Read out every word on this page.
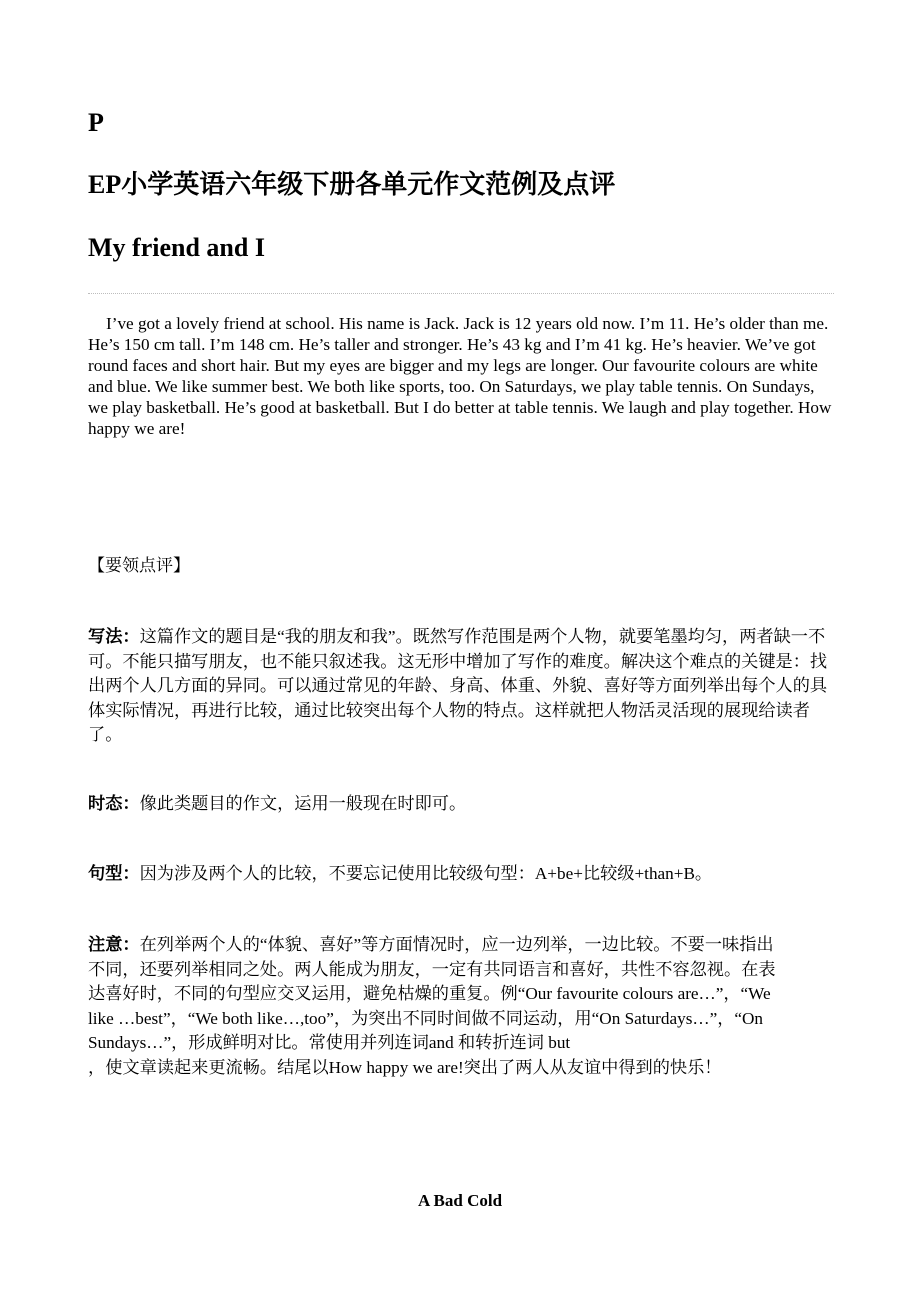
P
EP小学英语六年级下册各单元作文范例及点评
My friend and I

I’ve got a lovely friend at school. His name is Jack. Jack is 12 years old now. I’m 11. He’s older than me. He’s 150 cm tall. I’m 148 cm. He’s taller and stronger. He’s 43 kg and I’m 41 kg. He’s heavier. We’ve got round faces and short hair. But my eyes are bigger and my legs are longer. Our favourite colours are white and blue. We like summer best. We both like sports, too. On Saturdays, we play table tennis. On Sundays, we play basketball. He’s good at basketball. But I do better at table tennis. We laugh and play together. How happy we are!

【要领点评】

写法：这篇作文的题目是“我的朋友和我”。既然写作范围是两个人物，就要笔墨均匀，两者缺一不可。不能只描写朋友，也不能只叙述我。这无形中增加了写作的难度。解决这个难点的关键是：找出两个人几方面的异同。可以通过常见的年龄、身高、体重、外貌、喜好等方面列举出每个人的具体实际情况，再进行比较，通过比较突出每个人物的特点。这样就把人物活灵活现的展现给读者了。

时态：像此类题目的作文，运用一般现在时即可。

句型：因为涉及两个人的比较，不要忘记使用比较级句型：A+be+比较级+than+B。

注意：在列举两个人的“体貌、喜好”等方面情况时，应一边列举，一边比较。不要一味指出
不同，还要列举相同之处。两人能成为朋友，一定有共同语言和喜好，共性不容忽视。在表
达喜好时，不同的句型应交叉运用，避免枯燥的重复。例“Our favourite colours are…”，“We
like …best”，“We both like…,too”，为突出不同时间做不同运动，用“On Saturdays…”，“On
Sundays…”，形成鲜明对比。常使用并列连词and 和转折连词 but
，使文章读起来更流畅。结尾以How happy we are!突出了两人从友谊中得到的快乐！

A Bad Cold
